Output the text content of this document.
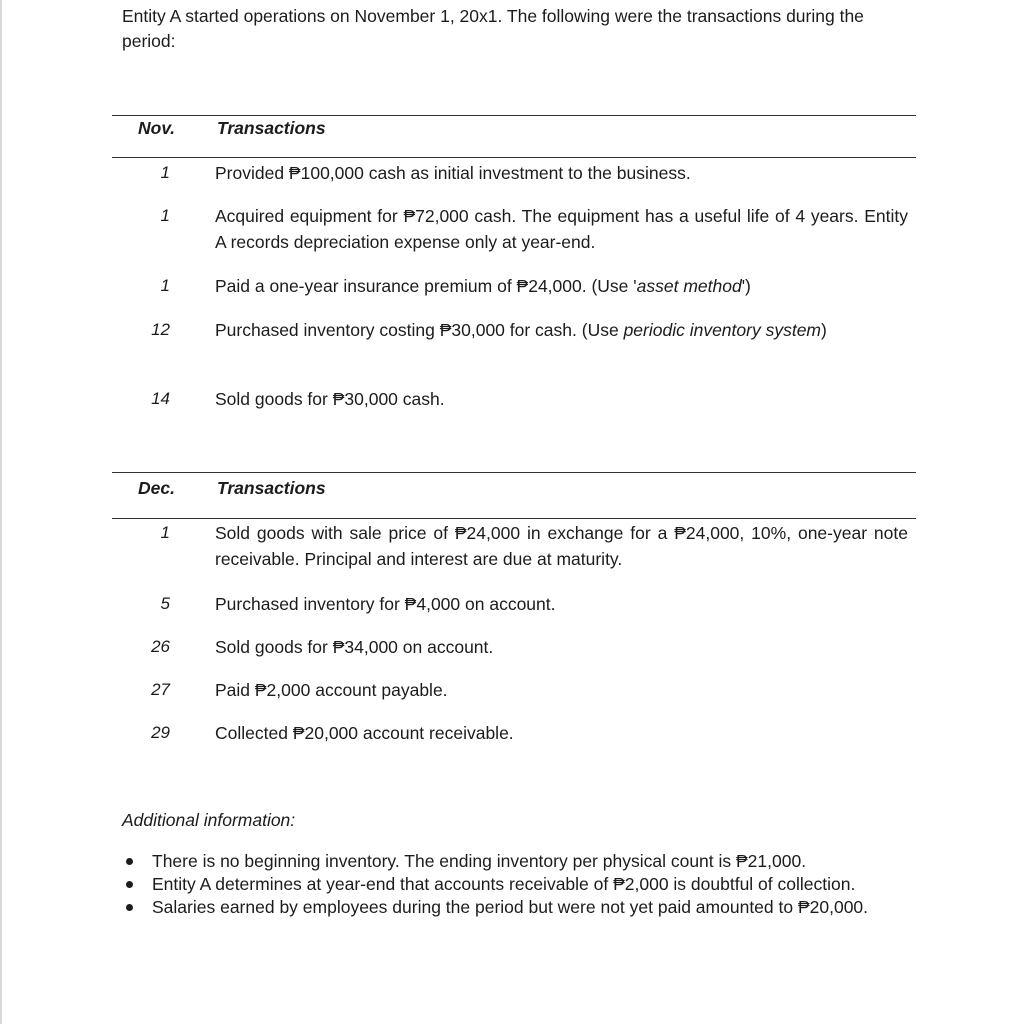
Entity A started operations on November 1, 20x1. The following were the transactions during the period:
Nov. Transactions
1	Provided ₱100,000 cash as initial investment to the business.
1	Acquired equipment for ₱72,000 cash. The equipment has a useful life of 4 years. Entity A records depreciation expense only at year-end.
1	Paid a one-year insurance premium of ₱24,000. (Use 'asset method')
12	Purchased inventory costing ₱30,000 for cash. (Use periodic inventory system)
14	Sold goods for ₱30,000 cash.
Dec. Transactions
1	Sold goods with sale price of ₱24,000 in exchange for a ₱24,000, 10%, one-year note receivable. Principal and interest are due at maturity.
5	Purchased inventory for ₱4,000 on account.
26	Sold goods for ₱34,000 on account.
27	Paid ₱2,000 account payable.
29	Collected ₱20,000 account receivable.
Additional information:
There is no beginning inventory. The ending inventory per physical count is ₱21,000.
Entity A determines at year-end that accounts receivable of ₱2,000 is doubtful of collection.
Salaries earned by employees during the period but were not yet paid amounted to ₱20,000.
